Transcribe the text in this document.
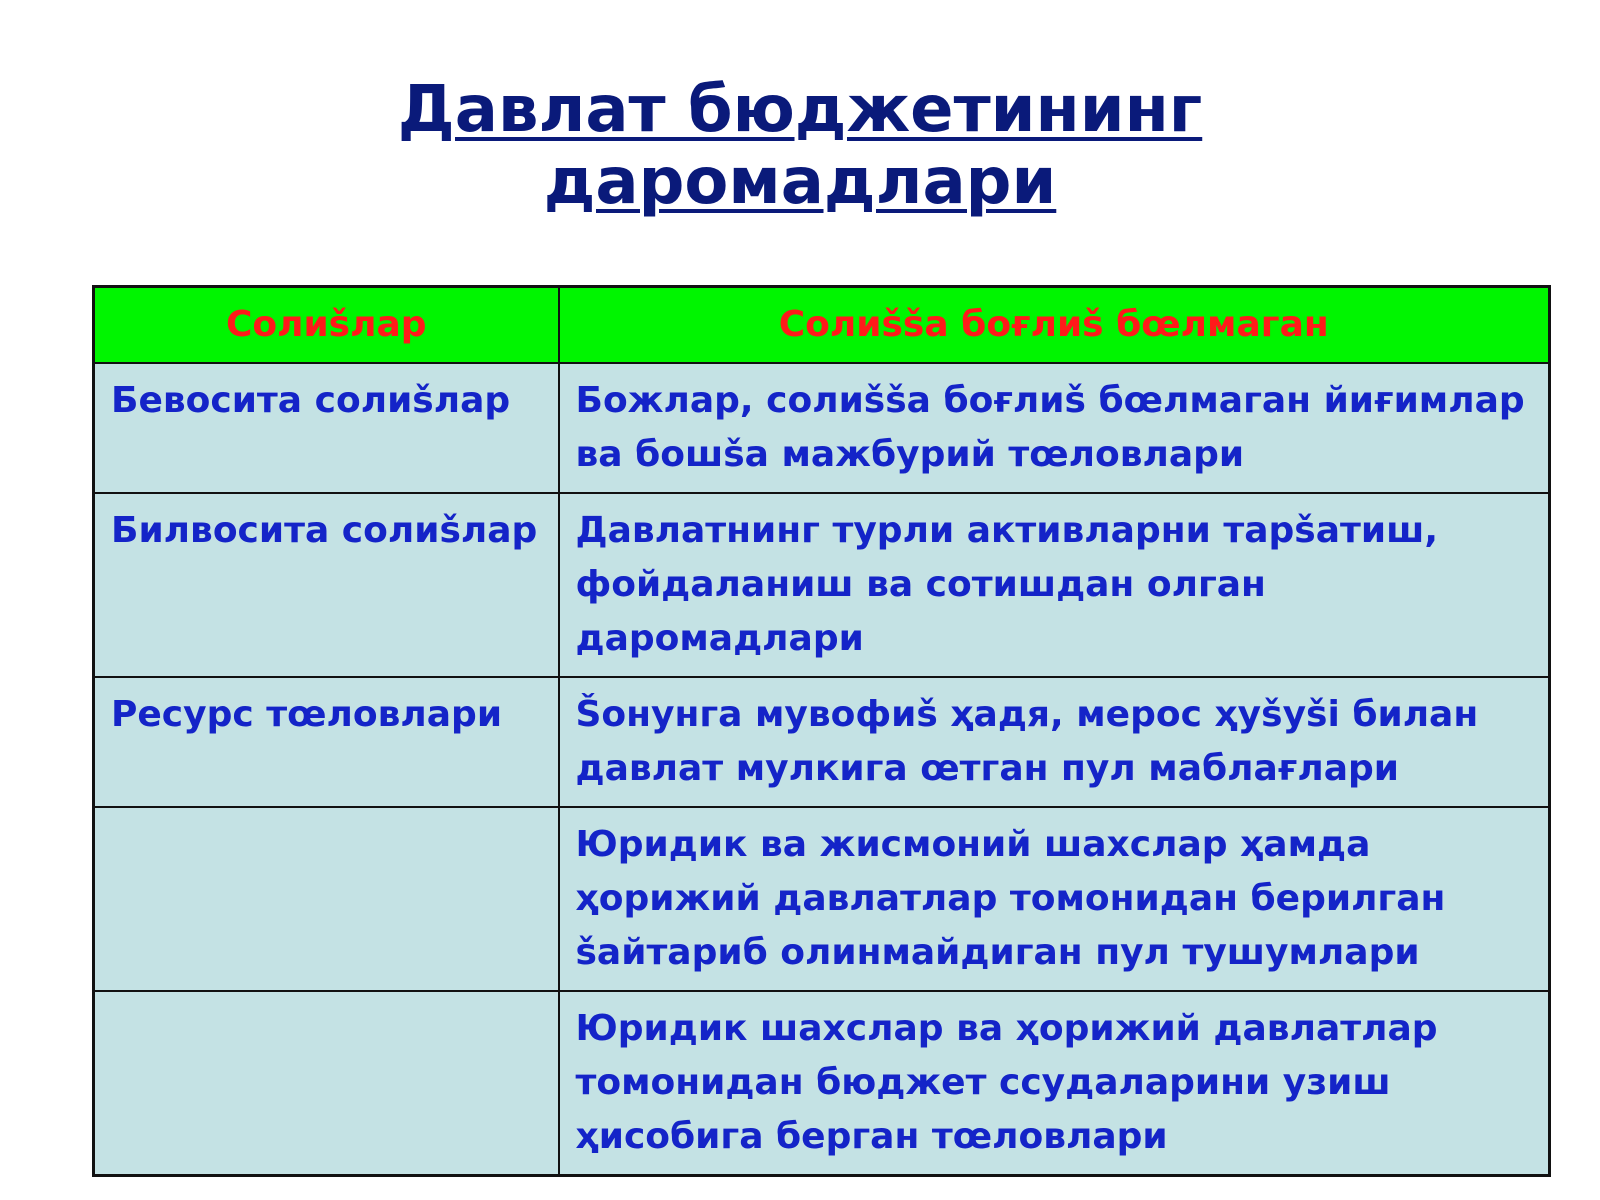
Давлат бюджетининг
даромадлари
Солиšлар	Солиššа боғлиš бœлмаган
Бевосита солиšлар	Божлар, солиššа боғлиš бœлмаган йиғимлар ва бошšа мажбурий тœловлари
Билвосита солиšлар	Давлатнинг турли активларни тарšатиш, фойдаланиш ва сотишдан олган даромадлари
Ресурс тœловлари	Šонунга мувофиš ҳадя, мерос ҳуšуši билан давлат мулкига œтган пул маблағлари
	Юридик ва жисмоний шахслар ҳамда ҳорижий давлатлар томонидан берилган šайтариб олинмайдиган пул тушумлари
	Юридик шахслар ва ҳорижий давлатлар томонидан бюджет ссудаларини узиш ҳисобига берган тœловлари
